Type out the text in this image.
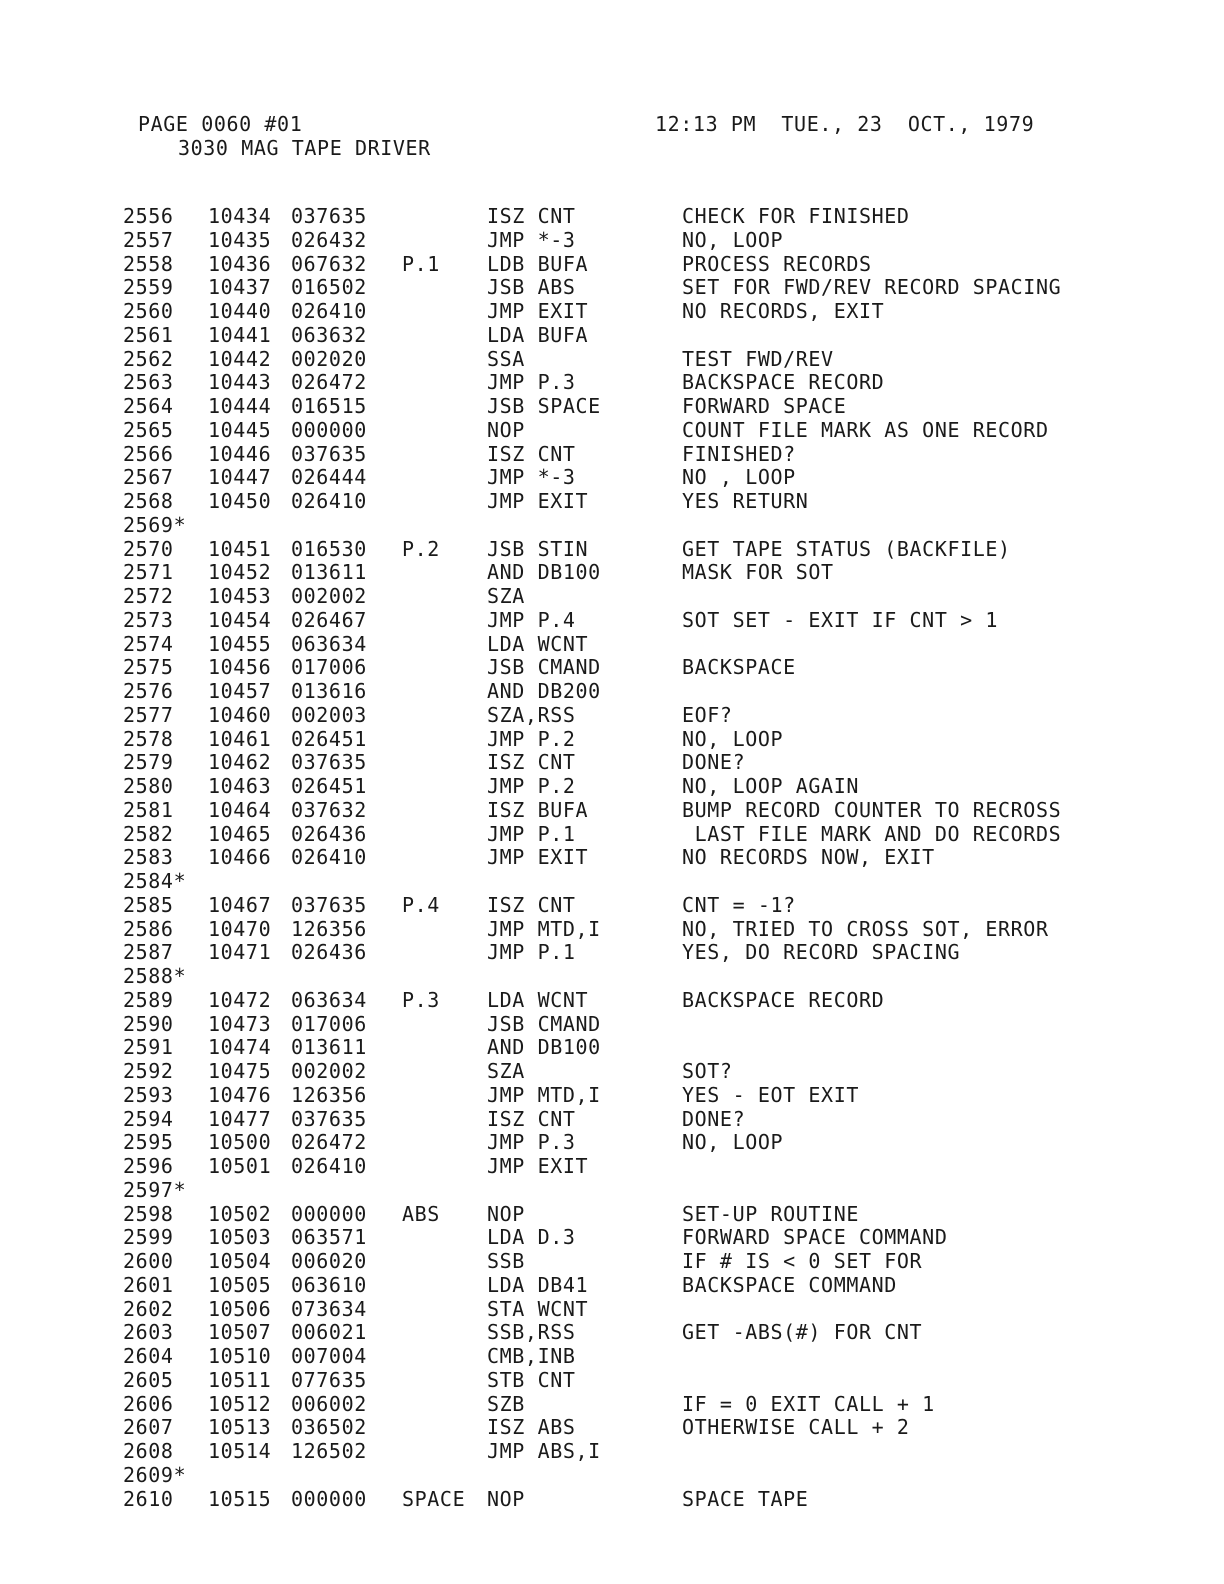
PAGE 0060 #01	12:13 PM  TUE., 23  OCT., 1979
3030 MAG TAPE DRIVER
2556 10434 037635	ISZ CNT	CHECK FOR FINISHED
2557 10435 026432	JMP *-3	NO, LOOP
2558 10436 067632 P.1 LDB BUFA	PROCESS RECORDS
2559 10437 016502	JSB ABS	SET FOR FWD/REV RECORD SPACING
2560 10440 026410	JMP EXIT	NO RECORDS, EXIT
2561 10441 063632	LDA BUFA
2562 10442 002020	SSA	TEST FWD/REV
2563 10443 026472	JMP P.3	BACKSPACE RECORD
2564 10444 016515	JSB SPACE	FORWARD SPACE
2565 10445 000000	NOP	COUNT FILE MARK AS ONE RECORD
2566 10446 037635	ISZ CNT	FINISHED?
2567 10447 026444	JMP *-3	NO , LOOP
2568 10450 026410	JMP EXIT	YES RETURN
2569*
2570 10451 016530 P.2 JSB STIN	GET TAPE STATUS (BACKFILE)
2571 10452 013611	AND DB100	MASK FOR SOT
2572 10453 002002	SZA
2573 10454 026467	JMP P.4	SOT SET - EXIT IF CNT > 1
2574 10455 063634	LDA WCNT
2575 10456 017006	JSB CMAND	BACKSPACE
2576 10457 013616	AND DB200
2577 10460 002003	SZA,RSS	EOF?
2578 10461 026451	JMP P.2	NO, LOOP
2579 10462 037635	ISZ CNT	DONE?
2580 10463 026451	JMP P.2	NO, LOOP AGAIN
2581 10464 037632	ISZ BUFA	BUMP RECORD COUNTER TO RECROSS
2582 10465 026436	JMP P.1	LAST FILE MARK AND DO RECORDS
2583 10466 026410	JMP EXIT	NO RECORDS NOW, EXIT
2584*
2585 10467 037635 P.4 ISZ CNT	CNT = -1?
2586 10470 126356	JMP MTD,I	NO, TRIED TO CROSS SOT, ERROR
2587 10471 026436	JMP P.1	YES, DO RECORD SPACING
2588*
2589 10472 063634 P.3 LDA WCNT	BACKSPACE RECORD
2590 10473 017006	JSB CMAND
2591 10474 013611	AND DB100
2592 10475 002002	SZA	SOT?
2593 10476 126356	JMP MTD,I	YES - EOT EXIT
2594 10477 037635	ISZ CNT	DONE?
2595 10500 026472	JMP P.3	NO, LOOP
2596 10501 026410	JMP EXIT
2597*
2598 10502 000000 ABS NOP	SET-UP ROUTINE
2599 10503 063571	LDA D.3	FORWARD SPACE COMMAND
2600 10504 006020	SSB	IF # IS < 0 SET FOR
2601 10505 063610	LDA DB41	BACKSPACE COMMAND
2602 10506 073634	STA WCNT
2603 10507 006021	SSB,RSS	GET -ABS(#) FOR CNT
2604 10510 007004	CMB,INB
2605 10511 077635	STB CNT
2606 10512 006002	SZB	IF = 0 EXIT CALL + 1
2607 10513 036502	ISZ ABS	OTHERWISE CALL + 2
2608 10514 126502	JMP ABS,I
2609*
2610 10515 000000 SPACE NOP	SPACE TAPE
